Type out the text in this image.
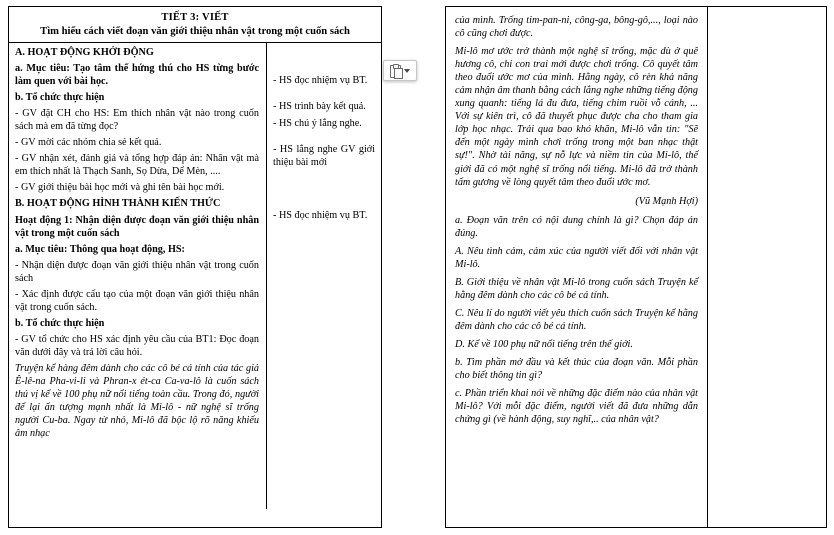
TIẾT 3: VIẾT
Tìm hiểu cách viết đoạn văn giới thiệu nhân vật trong một cuốn sách

A. HOẠT ĐỘNG KHỞI ĐỘNG

a. Mục tiêu: Tạo tâm thế hứng thú cho HS từng bước làm quen với bài học.

b. Tổ chức thực hiện

- GV đặt CH cho HS: Em thích nhân vật nào trong cuốn sách mà em đã từng đọc?

- GV mời các nhóm chia sẻ kết quả.

- GV nhận xét, đánh giá và tổng hợp đáp án: Nhân vật mà em thích nhất là Thạch Sanh, Sọ Dừa, Dế Mèn, ....

- GV giới thiệu bài học mới và ghi tên bài học mới.

B. HOẠT ĐỘNG HÌNH THÀNH KIẾN THỨC

Hoạt động 1: Nhận diện được đoạn văn giới thiệu nhân vật trong một cuốn sách

a. Mục tiêu: Thông qua hoạt động, HS:

- Nhận diện được đoạn văn giới thiệu nhân vật trong cuốn sách

- Xác định được cấu tạo của một đoạn văn giới thiệu nhân vật trong cuốn sách.

b. Tổ chức thực hiện

- GV tổ chức cho HS xác định yêu cầu của BT1: Đọc đoạn văn dưới đây và trả lời câu hỏi.

Truyện kể hàng đêm dành cho các cô bé cá tính của tác giả Ê-lê-na Pha-vi-li và Phran-x ét-ca Ca-va-lô là cuốn sách thú vị kể về 100 phụ nữ nổi tiếng toàn cầu. Trong đó, người để lại ấn tượng mạnh nhất là Mi-lô - nữ nghệ sĩ trống người Cu-ba. Ngay từ nhỏ, Mi-lô đã bộc lộ rõ năng khiếu âm nhạc

- HS đọc nhiệm vụ BT.

- HS trình bày kết quả.

- HS chú ý lắng nghe.

- HS lắng nghe GV giới thiệu bài mới

- HS đọc nhiệm vụ BT.

của mình. Trống tim-pan-ni, công-ga, bông-gô,..., loại nào cô cũng chơi được.

Mi-lô mơ ước trở thành một nghệ sĩ trống, mặc dù ở quê hương cô, chỉ con trai mới được chơi trống. Cô quyết tâm theo đuổi ước mơ của mình. Hằng ngày, cô rèn khả năng cảm nhận âm thanh bằng cách lắng nghe những tiếng động xung quanh: tiếng lá đu đưa, tiếng chim ruồi vỗ cánh, ... Với sự kiên trì, cô đã thuyết phục được cha cho tham gia lớp học nhạc. Trải qua bao khó khăn, Mi-lô vẫn tin: "Sẽ đến một ngày mình chơi trống trong một ban nhạc thật sự!". Nhờ tài năng, sự nỗ lực và niềm tin của Mi-lô, thế giới đã có một nghệ sĩ trống nổi tiếng. Mi-lô đã trở thành tấm gương về lòng quyết tâm theo đuổi ước mơ.

(Vũ Mạnh Hợi)

a. Đoạn văn trên có nội dung chính là gì? Chọn đáp án đúng.

A. Nêu tình cảm, cảm xúc của người viết đối với nhân vật Mi-lô.

B. Giới thiệu về nhân vật Mi-lô trong cuốn sách Truyện kể hằng đêm dành cho các cô bé cá tính.

C. Nêu lí do người viết yêu thích cuốn sách Truyện kể hằng đêm dành cho các cô bé cá tính.

D. Kể về 100 phụ nữ nổi tiếng trên thế giới.

b. Tìm phần mở đầu và kết thúc của đoạn văn. Mỗi phần cho biết thông tin gì?

c. Phần triển khai nói về những đặc điểm nào của nhân vật Mi-lô? Với mỗi đặc điểm, người viết đã đưa những dẫn chứng gì (về hành động, suy nghĩ,.. của nhân vật?
